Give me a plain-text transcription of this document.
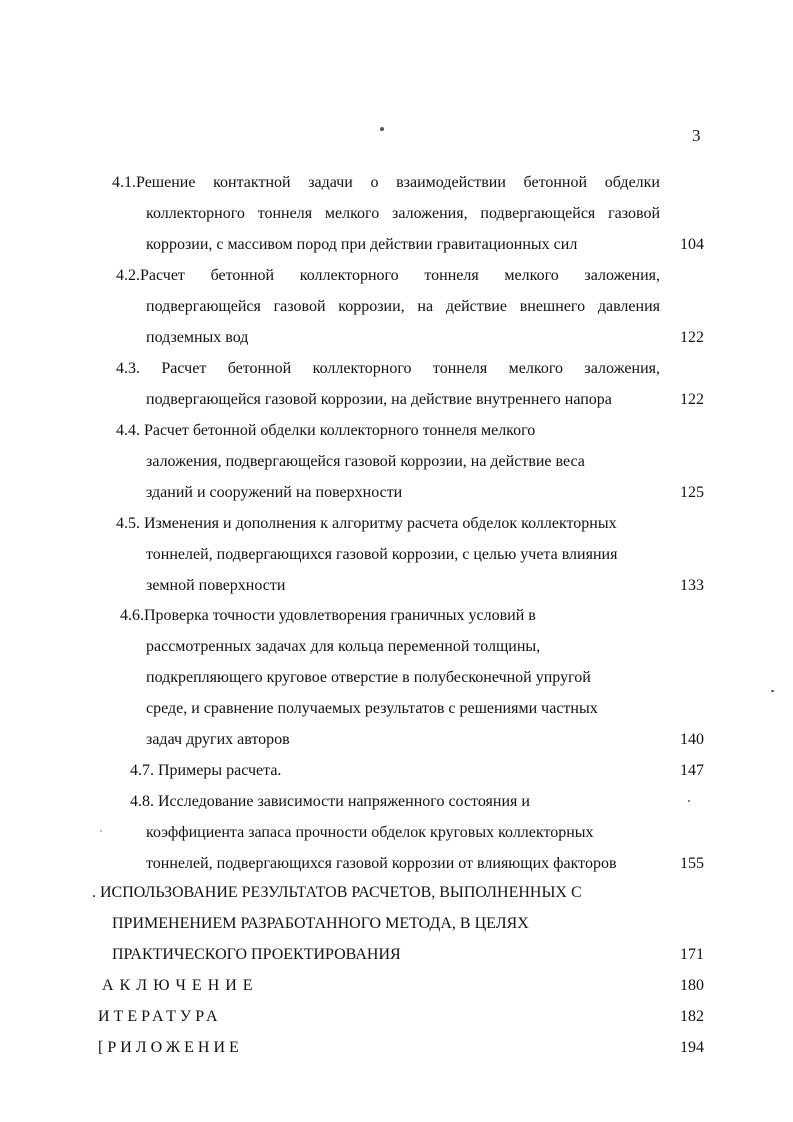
3
4.1.Решение контактной задачи о взаимодействии бетонной обделки
коллекторного тоннеля мелкого заложения, подвергающейся газовой
коррозии, с массивом пород при действии гравитационных сил	104
4.2.Расчет бетонной коллекторного тоннеля мелкого заложения,
подвергающейся газовой коррозии, на действие внешнего давления
подземных вод	122
4.3. Расчет бетонной коллекторного тоннеля мелкого заложения,
подвергающейся газовой коррозии, на действие внутреннего напора	122
4.4. Расчет бетонной обделки коллекторного тоннеля мелкого
заложения, подвергающейся газовой коррозии, на действие веса
зданий и сооружений на поверхности	125
4.5. Изменения и дополнения к алгоритму расчета обделок коллекторных
тоннелей, подвергающихся газовой коррозии, с целью учета влияния
земной поверхности	133
4.6.Проверка точности удовлетворения граничных условий в
рассмотренных задачах для кольца переменной толщины,
подкрепляющего круговое отверстие в полубесконечной упругой
среде, и сравнение получаемых результатов с решениями частных
задач других авторов	140
4.7. Примеры расчета.	147
4.8. Исследование зависимости напряженного состояния и
коэффициента запаса прочности обделок круговых коллекторных
тоннелей, подвергающихся газовой коррозии от влияющих факторов	155
. ИСПОЛЬЗОВАНИЕ РЕЗУЛЬТАТОВ РАСЧЕТОВ, ВЫПОЛНЕННЫХ С
ПРИМЕНЕНИЕМ РАЗРАБОТАННОГО МЕТОДА, В ЦЕЛЯХ
ПРАКТИЧЕСКОГО ПРОЕКТИРОВАНИЯ	171
А К Л Ю Ч Е Н И Е	180
ИТЕРАТУРА	182
[РИЛОЖЕНИЕ	194
